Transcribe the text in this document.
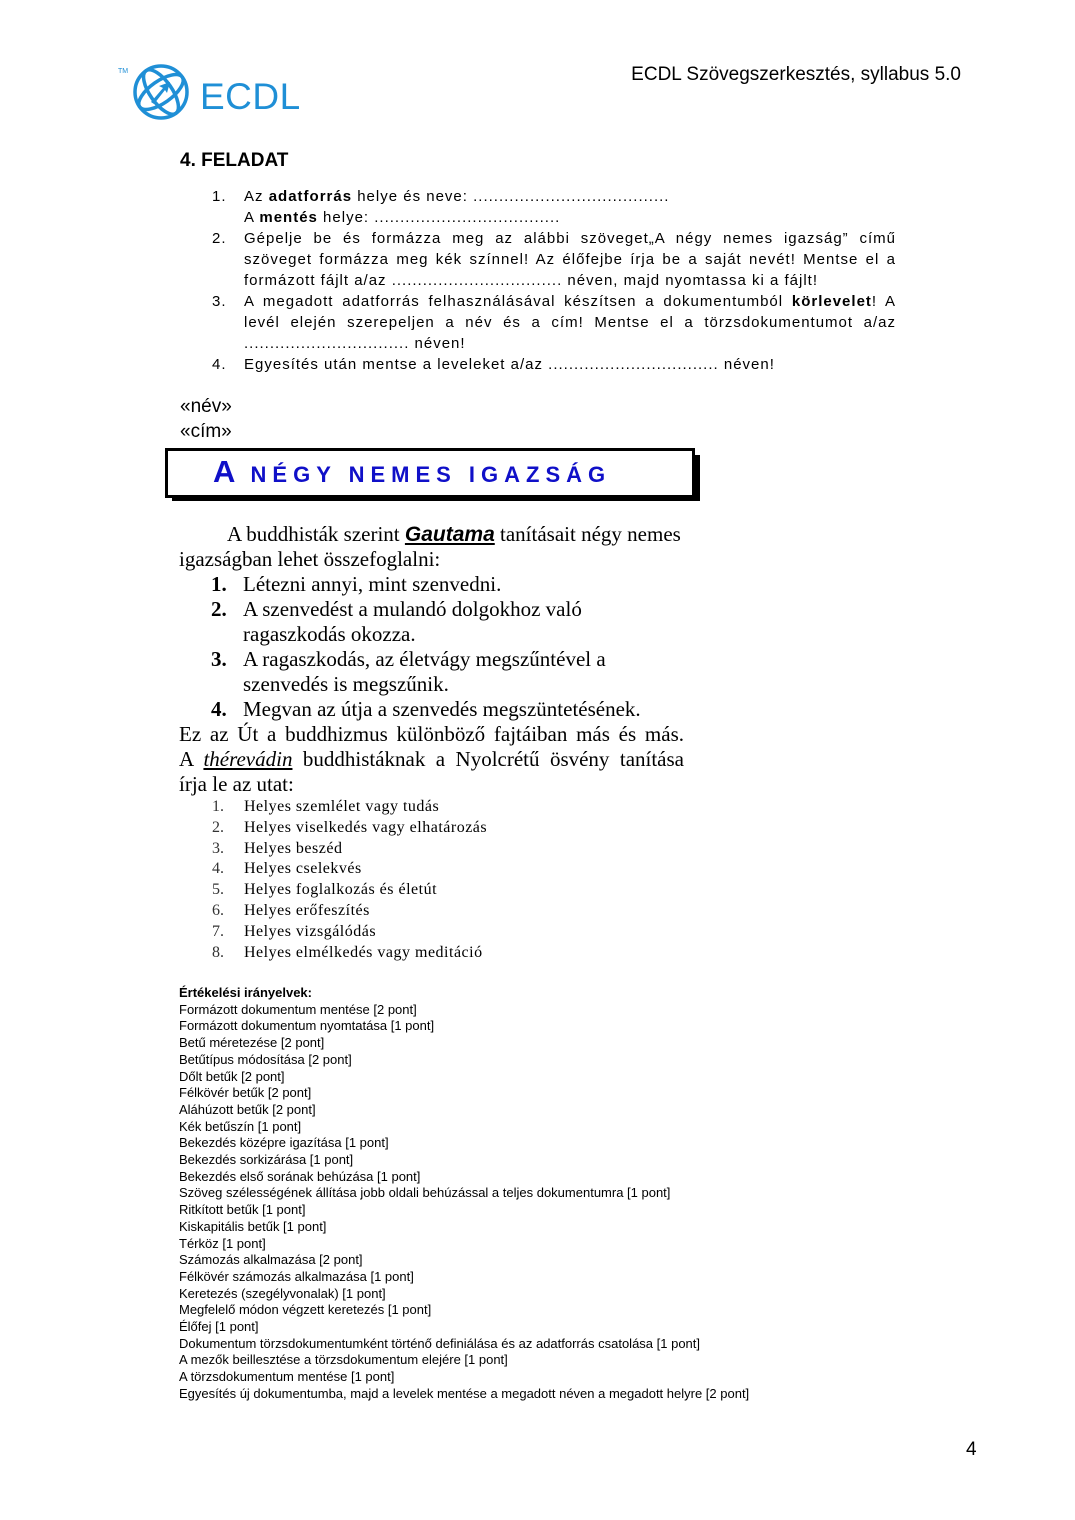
TM
ECDL
ECDL Szövegszerkesztés, syllabus 5.0
4. FELADAT
1.	Az adatforrás helye és neve: ......................................
A mentés helye: ....................................
2.	Gépelje be és formázza meg az alábbi szöveget„A négy nemes igazság” című szöveget formázza meg kék színnel! Az élőfejbe írja be a saját nevét! Mentse el a formázott fájlt a/az ................................. néven, majd nyomtassa ki a fájlt!
3.	A megadott adatforrás felhasználásával készítsen a dokumentumból körlevelet! A levél elején szerepeljen a név és a cím! Mentse el a törzsdokumentumot a/az ................................ néven!
4.	Egyesítés után mentse a leveleket a/az ................................. néven!
«név»
«cím»
A NÉGY NEMES IGAZSÁG
A buddhisták szerint Gautama tanításait négy nemes igazságban lehet összefoglalni:
1. Létezni annyi, mint szenvedni.
2. A szenvedést a mulandó dolgokhoz való ragaszkodás okozza.
3. A ragaszkodás, az életvágy megszűntével a szenvedés is megszűnik.
4. Megvan az útja a szenvedés megszüntetésének.
Ez az Út a buddhizmus különböző fajtáiban más és más.
A thérevádin buddhistáknak a Nyolcrétű ösvény tanítása írja le az utat:
1.	Helyes szemlélet vagy tudás
2.	Helyes viselkedés vagy elhatározás
3.	Helyes beszéd
4.	Helyes cselekvés
5.	Helyes foglalkozás és életút
6.	Helyes erőfeszítés
7.	Helyes vizsgálódás
8.	Helyes elmélkedés vagy meditáció
Értékelési irányelvek:
Formázott dokumentum mentése [2 pont]
Formázott dokumentum nyomtatása [1 pont]
Betű méretezése [2 pont]
Betűtípus módosítása [2 pont]
Dőlt betűk [2 pont]
Félkövér betűk [2 pont]
Aláhúzott betűk [2 pont]
Kék betűszín [1 pont]
Bekezdés középre igazítása [1 pont]
Bekezdés sorkizárása [1 pont]
Bekezdés első sorának behúzása [1 pont]
Szöveg szélességének állítása jobb oldali behúzással a teljes dokumentumra [1 pont]
Ritkított betűk [1 pont]
Kiskapitális betűk [1 pont]
Térköz [1 pont]
Számozás alkalmazása [2 pont]
Félkövér számozás alkalmazása [1 pont]
Keretezés (szegélyvonalak) [1 pont]
Megfelelő módon végzett keretezés [1 pont]
Élőfej [1 pont]
Dokumentum törzsdokumentumként történő definiálása és az adatforrás csatolása [1 pont]
A mezők beillesztése a törzsdokumentum elejére [1 pont]
A törzsdokumentum mentése [1 pont]
Egyesítés új dokumentumba, majd a levelek mentése a megadott néven a megadott helyre [2 pont]
4
